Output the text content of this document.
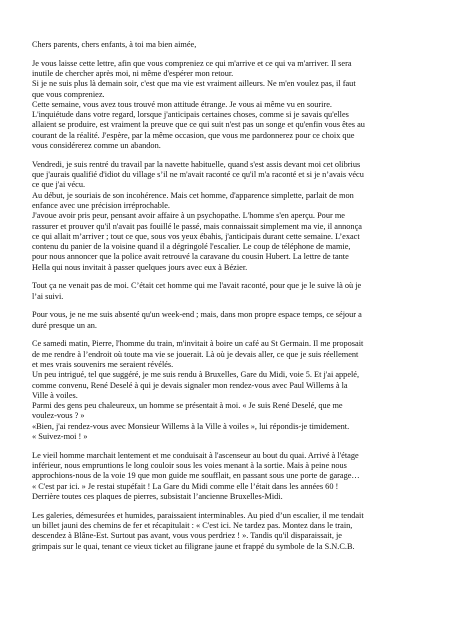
Chers parents, chers enfants, à toi ma bien aimée,
Je vous laisse cette lettre, afin que vous compreniez ce qui m'arrive et ce qui va m'arriver. Il sera
inutile de chercher après moi, ni même d'espérer mon retour.
Si je ne suis plus là demain soir, c'est que ma vie est vraiment ailleurs. Ne m'en voulez pas, il faut
que vous compreniez.
Cette semaine, vous avez tous trouvé mon attitude étrange. Je vous ai même vu en sourire.
L'inquiétude dans votre regard, lorsque j'anticipais certaines choses, comme si je savais qu'elles
allaient se produire, est vraiment la preuve que ce qui suit n'est pas un songe et qu'enfin vous êtes au
courant de la réalité. J'espère, par la même occasion, que vous me pardonnerez pour ce choix que
vous considérerez comme un abandon.
Vendredi, je suis rentré du travail par la navette habituelle, quand s'est assis devant moi cet olibrius
que j'aurais qualifié d'idiot du village s’il ne m'avait raconté ce qu'il m'a raconté et si je n’avais vécu
ce que j'ai vécu.
Au début, je souriais de son incohérence. Mais cet homme, d'apparence simplette, parlait de mon
enfance avec une précision irréprochable.
J'avoue avoir pris peur, pensant avoir affaire à un psychopathe. L'homme s'en aperçu. Pour me
rassurer et prouver qu'il n'avait pas fouillé le passé, mais connaissait simplement ma vie, il annonça
ce qui allait m’arriver ; tout ce que, sous vos yeux ébahis, j'anticipais durant cette semaine. L’exact
contenu du panier de la voisine quand il a dégringolé l'escalier. Le coup de téléphone de mamie,
pour nous annoncer que la police avait retrouvé la caravane du cousin Hubert. La lettre de tante
Hella qui nous invitait à passer quelques jours avec eux à Bézier.
Tout ça ne venait pas de moi. C’était cet homme qui me l'avait raconté, pour que je le suive là où je
l’ai suivi.
Pour vous, je ne me suis absenté qu'un week-end ; mais, dans mon propre espace temps, ce séjour a
duré presque un an.
Ce samedi matin, Pierre, l'homme du train, m'invitait à boire un café au St Germain. Il me proposait
de me rendre à l’endroit où toute ma vie se jouerait. Là où je devais aller, ce que je suis réellement
et mes vrais souvenirs me seraient révélés.
Un peu intrigué, tel que suggéré, je me suis rendu à Bruxelles, Gare du Midi, voie 5. Et j'ai appelé,
comme convenu, René Deselé à qui je devais signaler mon rendez-vous avec Paul Willems à la
Ville à voiles.
Parmi des gens peu chaleureux, un homme se présentait à moi. « Je suis René Deselé, que me
voulez-vous ? »
«Bien, j'ai rendez-vous avec Monsieur Willems à la Ville à voiles », lui répondis-je timidement.
« Suivez-moi ! »
Le vieil homme marchait lentement et me conduisait à l'ascenseur au bout du quai. Arrivé à l'étage
inférieur, nous empruntions le long couloir sous les voies menant à la sortie. Mais à peine nous
approchions-nous de la voie 19 que mon guide me soufflait, en passant sous une porte de garage…
« C'est par ici. » Je restai stupéfait ! La Gare du Midi comme elle l’était dans les années 60 !
Derrière toutes ces plaques de pierres, subsistait l’ancienne Bruxelles-Midi.
Les galeries, démesurées et humides, paraissaient interminables. Au pied d’un escalier, il me tendait
un billet jauni des chemins de fer et récapitulait : « C'est ici. Ne tardez pas. Montez dans le train,
descendez à Blâne-Est. Surtout pas avant, vous vous perdriez ! ». Tandis qu'il disparaissait, je
grimpais sur le quai, tenant ce vieux ticket au filigrane jaune et frappé du symbole de la S.N.C.B.
